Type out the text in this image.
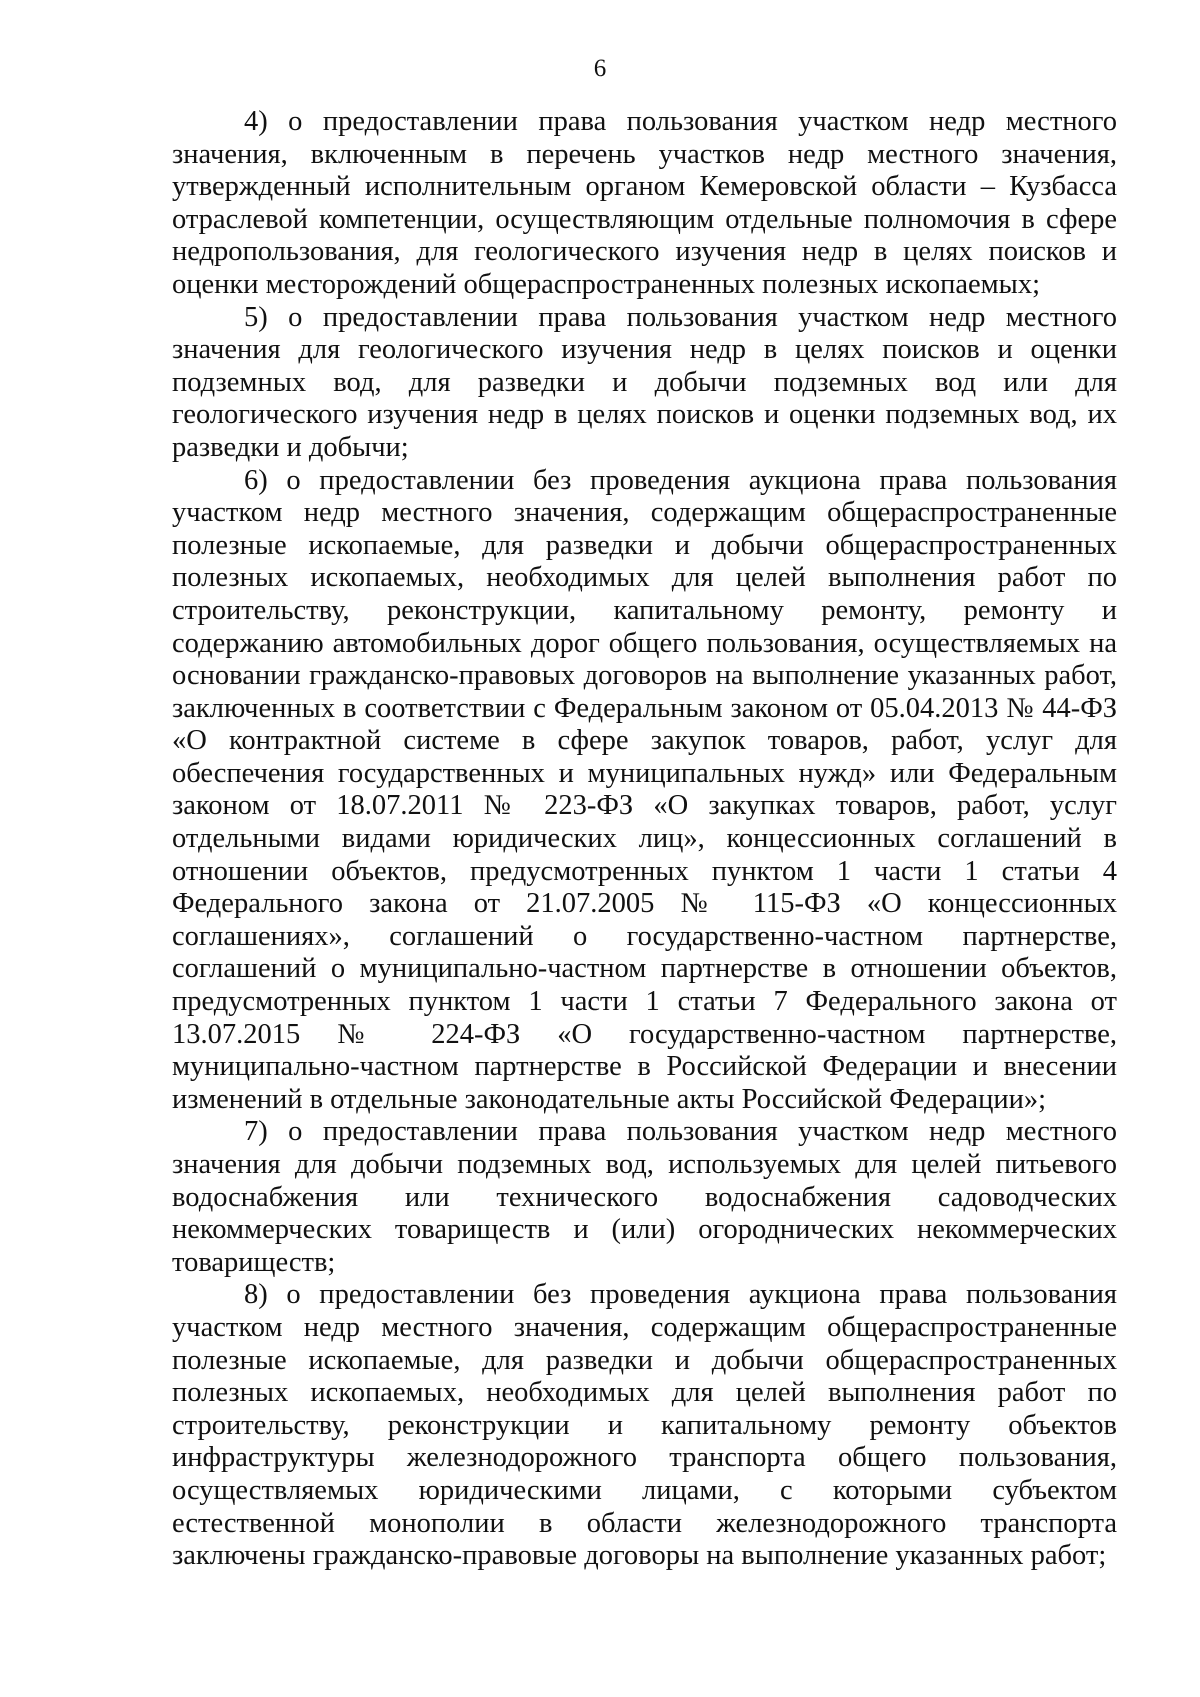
6

4) о предоставлении права пользования участком недр местного значения, включенным в перечень участков недр местного значения, утвержденный исполнительным органом Кемеровской области – Кузбасса отраслевой компетенции, осуществляющим отдельные полномочия в сфере недропользования, для геологического изучения недр в целях поисков и оценки месторождений общераспространенных полезных ископаемых;

5) о предоставлении права пользования участком недр местного значения для геологического изучения недр в целях поисков и оценки подземных вод, для разведки и добычи подземных вод или для геологического изучения недр в целях поисков и оценки подземных вод, их разведки и добычи;

6) о предоставлении без проведения аукциона права пользования участком недр местного значения, содержащим общераспространенные полезные ископаемые, для разведки и добычи общераспространенных полезных ископаемых, необходимых для целей выполнения работ по строительству, реконструкции, капитальному ремонту, ремонту и содержанию автомобильных дорог общего пользования, осуществляемых на основании гражданско-правовых договоров на выполнение указанных работ, заключенных в соответствии с Федеральным законом от 05.04.2013 № 44-ФЗ «О контрактной системе в сфере закупок товаров, работ, услуг для обеспечения государственных и муниципальных нужд» или Федеральным законом от 18.07.2011 № 223-ФЗ «О закупках товаров, работ, услуг отдельными видами юридических лиц», концессионных соглашений в отношении объектов, предусмотренных пунктом 1 части 1 статьи 4 Федерального закона от 21.07.2005 № 115-ФЗ «О концессионных соглашениях», соглашений о государственно-частном партнерстве, соглашений о муниципально-частном партнерстве в отношении объектов, предусмотренных пунктом 1 части 1 статьи 7 Федерального закона от 13.07.2015 № 224-ФЗ «О государственно-частном партнерстве, муниципально-частном партнерстве в Российской Федерации и внесении изменений в отдельные законодательные акты Российской Федерации»;

7) о предоставлении права пользования участком недр местного значения для добычи подземных вод, используемых для целей питьевого водоснабжения или технического водоснабжения садоводческих некоммерческих товариществ и (или) огороднических некоммерческих товариществ;

8) о предоставлении без проведения аукциона права пользования участком недр местного значения, содержащим общераспространенные полезные ископаемые, для разведки и добычи общераспространенных полезных ископаемых, необходимых для целей выполнения работ по строительству, реконструкции и капитальному ремонту объектов инфраструктуры железнодорожного транспорта общего пользования, осуществляемых юридическими лицами, с которыми субъектом естественной монополии в области железнодорожного транспорта заключены гражданско-правовые договоры на выполнение указанных работ;
